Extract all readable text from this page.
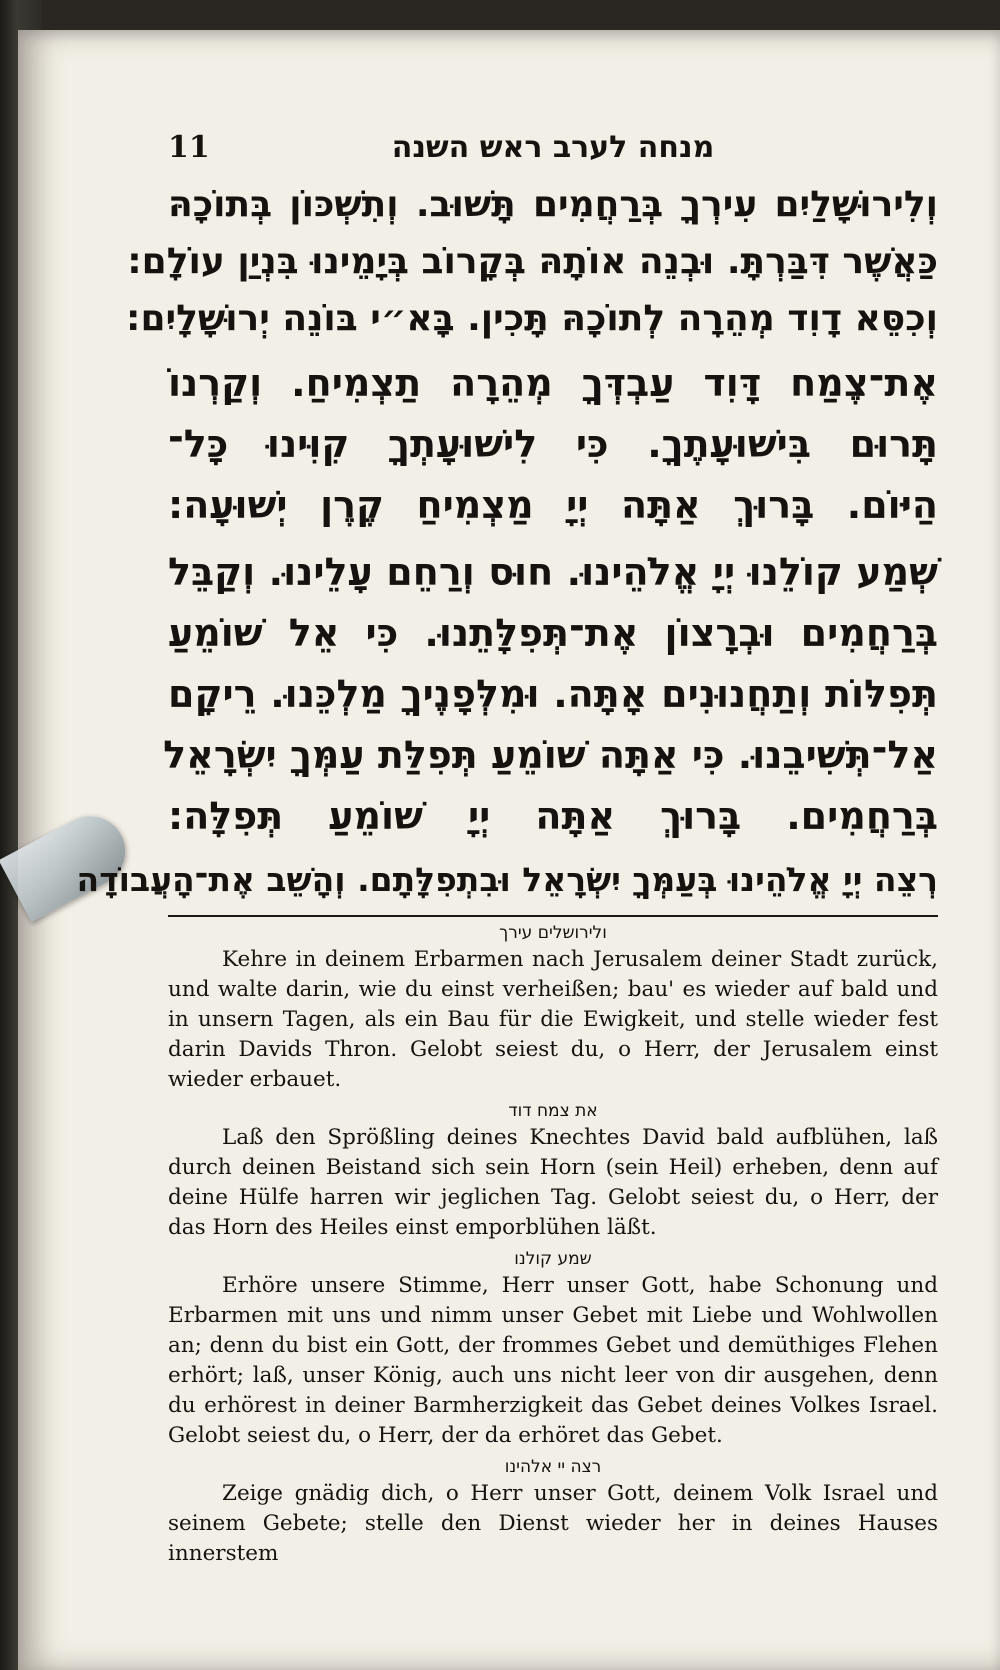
11	מנחה לערב ראש השנה
וְלִירוּשָׁלַיִם עִירְךָ בְּרַחֲמִים תָּשׁוּב. וְתִשְׁכּוֹן בְּתוֹכָהּ
כַּאֲשֶׁר דִּבַּרְתָּ. וּבְנֵה אוֹתָהּ בְּקָרוֹב בְּיָמֵינוּ בִּנְיַן עוֹלָם:
וְכִסֵּא דָוִד מְהֵרָה לְתוֹכָהּ תָּכִין. בָּא״י בּוֹנֵה יְרוּשָׁלָיִם:
אֶת־צֶמַח דָּוִד עַבְדְּךָ מְהֵרָה תַצְמִיחַ. וְקַרְנוֹ
תָּרוּם בִּישׁוּעָתֶךָ. כִּי לִישׁוּעָתְךָ קִוִּינוּ כָּל־
הַיּוֹם. בָּרוּךְ אַתָּה יְיָ מַצְמִיחַ קֶרֶן יְשׁוּעָה:
שְׁמַע קוֹלֵנוּ יְיָ אֱלֹהֵינוּ. חוּס וְרַחֵם עָלֵינוּ. וְקַבֵּל
בְּרַחֲמִים וּבְרָצוֹן אֶת־תְּפִלָּתֵנוּ. כִּי אֵל שׁוֹמֵעַ
תְּפִלּוֹת וְתַחֲנוּנִים אָתָּה. וּמִלְּפָנֶיךָ מַלְכֵּנוּ. רֵיקָם
אַל־תְּשִׁיבֵנוּ. כִּי אַתָּה שׁוֹמֵעַ תְּפִלַּת עַמְּךָ יִשְׂרָאֵל
בְּרַחֲמִים. בָּרוּךְ אַתָּה יְיָ שׁוֹמֵעַ תְּפִלָּה:
רְצֵה יְיָ אֱלֹהֵינוּ בְּעַמְּךָ יִשְׂרָאֵל וּבִתְפִלָּתָם. וְהָשֵׁב אֶת־הָעֲבוֹדָה
ולירושלים עירך

Kehre in deinem Erbarmen nach Jerusalem deiner Stadt zurück, und walte darin, wie du einst verheißen; bau' es wieder auf bald und in unsern Tagen, als ein Bau für die Ewigkeit, und stelle wieder fest darin Davids Thron. Gelobt seiest du, o Herr, der Jerusalem einst wieder erbauet.

את צמח דוד

Laß den Sprößling deines Knechtes David bald aufblühen, laß durch deinen Beistand sich sein Horn (sein Heil) erheben, denn auf deine Hülfe harren wir jeglichen Tag. Gelobt seiest du, o Herr, der das Horn des Heiles einst emporblühen läßt.

שמע קולנו

Erhöre unsere Stimme, Herr unser Gott, habe Schonung und Erbarmen mit uns und nimm unser Gebet mit Liebe und Wohlwollen an; denn du bist ein Gott, der frommes Gebet und demüthiges Flehen erhört; laß, unser König, auch uns nicht leer von dir ausgehen, denn du erhörest in deiner Barmherzigkeit das Gebet deines Volkes Israel. Gelobt seiest du, o Herr, der da erhöret das Gebet.

רצה יי אלהינו

Zeige gnädig dich, o Herr unser Gott, deinem Volk Israel und seinem Gebete; stelle den Dienst wieder her in deines Hauses innerstem
